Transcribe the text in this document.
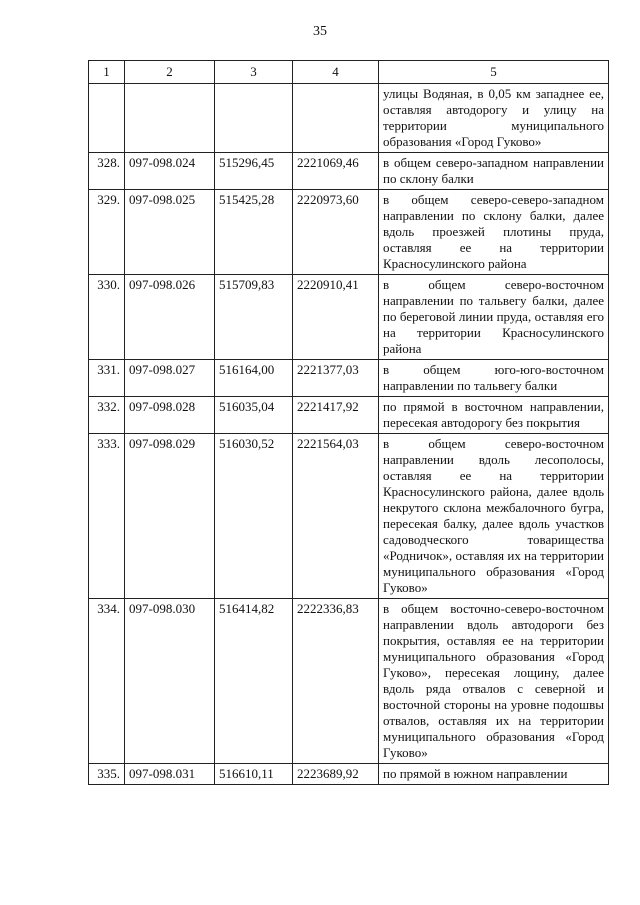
35
1	2	3	4	5
				улицы Водяная, в 0,05 км западнее ее, оставляя автодорогу и улицу на территории муниципального образования «Город Гуково»
328.	097-098.024	515296,45	2221069,46	в общем северо-западном направлении по склону балки
329.	097-098.025	515425,28	2220973,60	в общем северо-северо-западном направлении по склону балки, далее вдоль проезжей плотины пруда, оставляя ее на территории Красносулинского района
330.	097-098.026	515709,83	2220910,41	в общем северо-восточном направлении по тальвегу балки, далее по береговой линии пруда, оставляя его на территории Красносулинского района
331.	097-098.027	516164,00	2221377,03	в общем юго-юго-восточном направлении по тальвегу балки
332.	097-098.028	516035,04	2221417,92	по прямой в восточном направлении, пересекая автодорогу без покрытия
333.	097-098.029	516030,52	2221564,03	в общем северо-восточном направлении вдоль лесополосы, оставляя ее на территории Красносулинского района, далее вдоль некрутого склона межбалочного бугра, пересекая балку, далее вдоль участков садоводческого товарищества «Родничок», оставляя их на территории муниципального образования «Город Гуково»
334.	097-098.030	516414,82	2222336,83	в общем восточно-северо-восточном направлении вдоль автодороги без покрытия, оставляя ее на территории муниципального образования «Город Гуково», пересекая лощину, далее вдоль ряда отвалов с северной и восточной стороны на уровне подошвы отвалов, оставляя их на территории муниципального образования «Город Гуково»
335.	097-098.031	516610,11	2223689,92	по прямой в южном направлении
